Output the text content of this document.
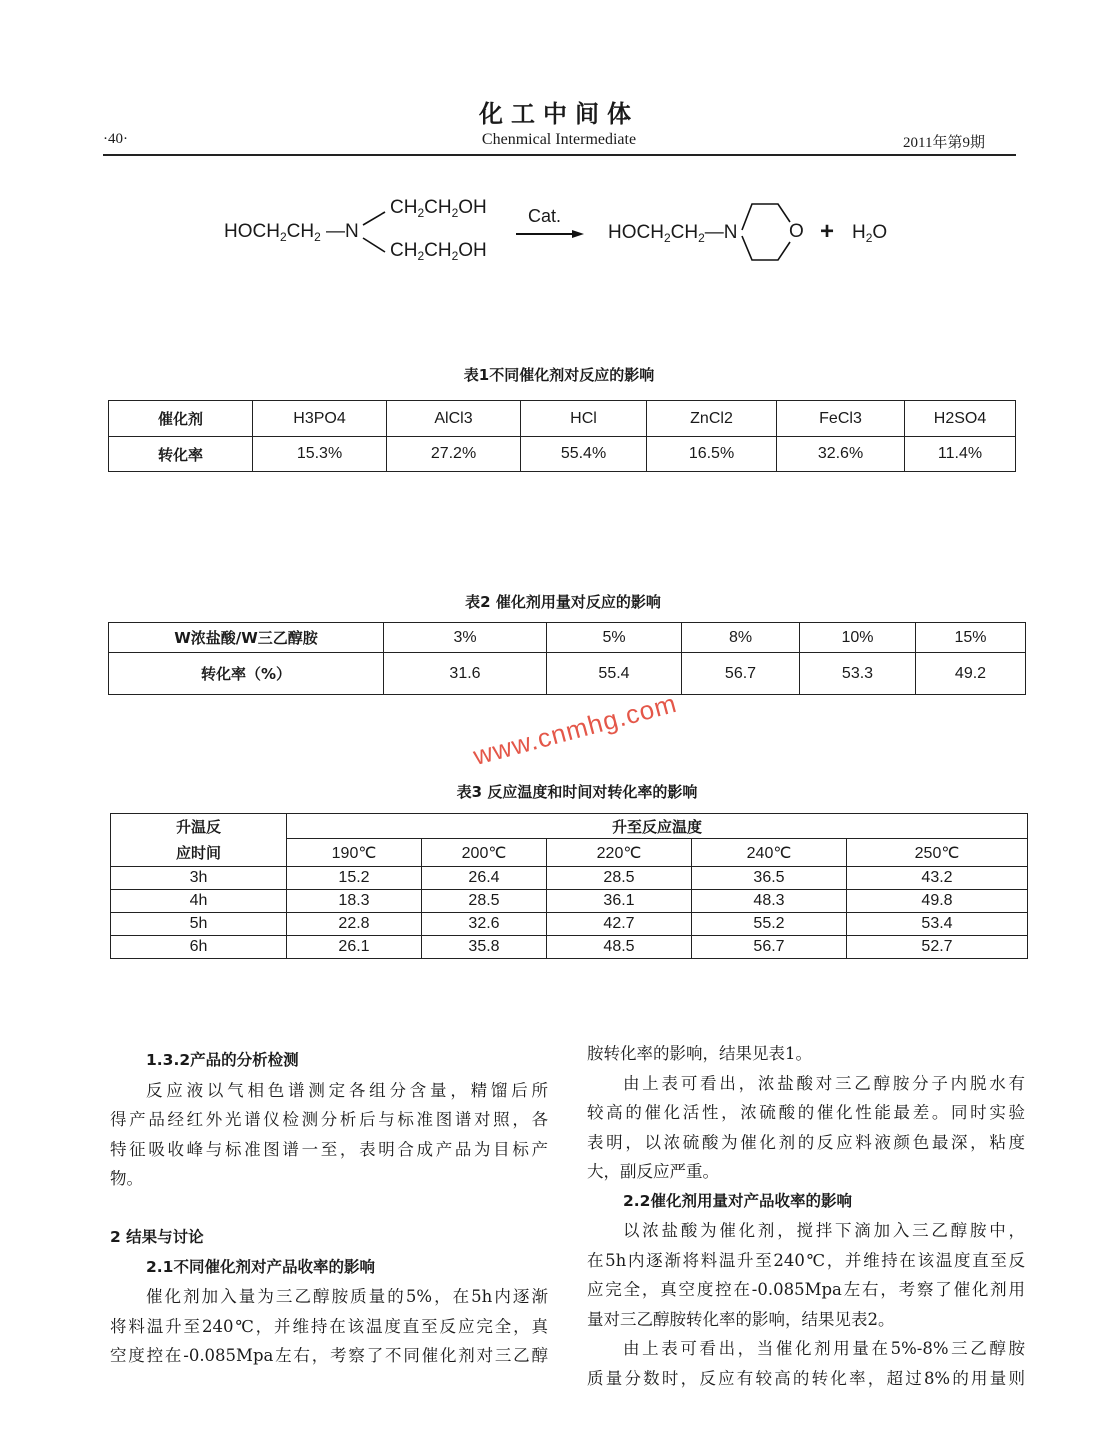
化工中间体
·40·	Chenmical Intermediate	2011年第9期
$HOCH_2CH_2$ —N
$CH_2CH_2OH$
$CH_2CH_2OH$
Cat.
$HOCH_2CH_2—N$	$O + H_2O$
表1不同催化剂对反应的影响
催化剂	H3PO4	AlCl3	HCl	ZnCl2	FeCl3	H2SO4
转化率	15.3%	27.2%	55.4%	16.5%	32.6%	11.4%
表2 催化剂用量对反应的影响
W浓盐酸/W三乙醇胺	3%	5%	8%	10%	15%
转化率（%）	31.6	55.4	56.7	53.3	49.2
表3 反应温度和时间对转化率的影响
升温反	升至反应温度				
应时间	190℃	200℃	220℃	240℃	250℃
3h	15.2	26.4	28.5	36.5	43.2
4h	18.3	28.5	36.1	48.3	49.8
5h	22.8	32.6	42.7	55.2	53.4
6h	26.1	35.8	48.5	56.7	52.7
www.cnmhg.com
1.3.2产品的分析检测
反应液以气相色谱测定各组分含量，精馏后所
得产品经红外光谱仪检测分析后与标准图谱对照，各
特征吸收峰与标准图谱一至，表明合成产品为目标产
物。
2 结果与讨论
2.1不同催化剂对产品收率的影响
催化剂加入量为三乙醇胺质量的5%，在5h内逐渐
将料温升至240℃，并维持在该温度直至反应完全，真
空度控在-0.085Mpa左右，考察了不同催化剂对三乙醇
胺转化率的影响，结果见表1。
由上表可看出，浓盐酸对三乙醇胺分子内脱水有
较高的催化活性，浓硫酸的催化性能最差。同时实验
表明，以浓硫酸为催化剂的反应料液颜色最深，粘度
大，副反应严重。
2.2催化剂用量对产品收率的影响
以浓盐酸为催化剂，搅拌下滴加入三乙醇胺中，
在5h内逐渐将料温升至240℃，并维持在该温度直至反
应完全，真空度控在-0.085Mpa左右，考察了催化剂用
量对三乙醇胺转化率的影响，结果见表2。
由上表可看出，当催化剂用量在5%-8%三乙醇胺
质量分数时，反应有较高的转化率，超过8%的用量则
